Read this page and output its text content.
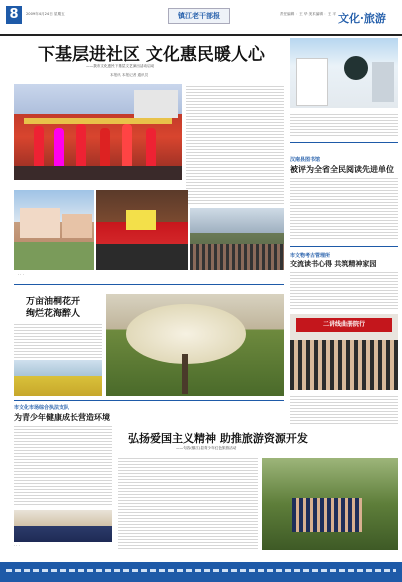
8	2009年4月24日 星期五	镇江老干部报	责任编辑 ：王 华 美术编辑 ：王 平 文化·旅游
下基层进社区 文化惠民暖人心
——我市文化惠民下基层文艺演出活动启动
本报讯 本报记者 通讯员
· · ·
万亩油桐花开
绚烂花海醉人
汉南县图书馆
被评为全省全民阅读先进单位
市文物考古管理所
交流读书心得 共筑精神家园
二讲线曲册院行
市文化市场综合执法支队
为青少年健康成长营造环境
· · ·
弘扬爱国主义精神 助推旅游资源开发
——句容(镇江)县青少年红色旅游活动
